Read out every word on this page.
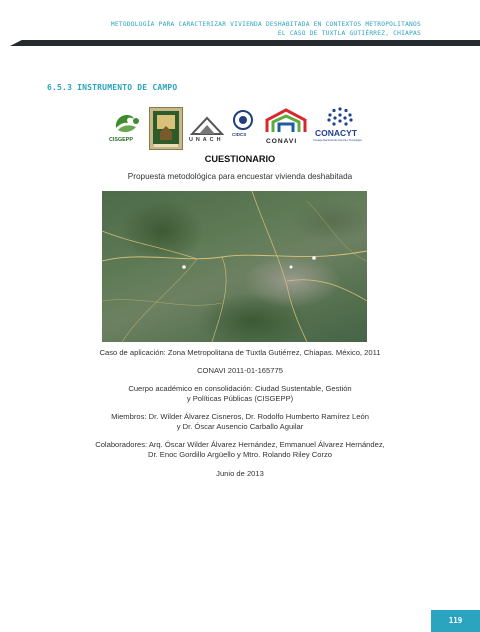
METODOLOGÍA PARA CARACTERIZAR VIVIENDA DESHABITADA EN CONTEXTOS METROPOLITANOS
EL CASO DE TUXTLA GUTIÉRREZ, CHIAPAS
6.5.3 INSTRUMENTO DE CAMPO
CISGEPP	UNACH
CIDCS
CONAVI
CONACYT
Consejo Nacional de Ciencia y Tecnología
CUESTIONARIO
Propuesta metodológica para encuestar vivienda deshabitada
Caso de aplicación: Zona Metropolitana de Tuxtla Gutiérrez, Chiapas. México, 2011
CONAVI 2011-01-165775
Cuerpo académico en consolidación: Ciudad Sustentable, Gestión
y Políticas Públicas (CISGEPP)
Miembros: Dr. Wilder Álvarez Cisneros, Dr. Rodolfo Humberto Ramírez León
y Dr. Óscar Ausencio Carballo Aguilar
Colaboradores: Arq. Óscar Wilder Álvarez Hernández, Emmanuel Álvarez Hernández,
Dr. Enoc Gordillo Argüello y Mtro. Rolando Riley Corzo
Junio de 2013
119
